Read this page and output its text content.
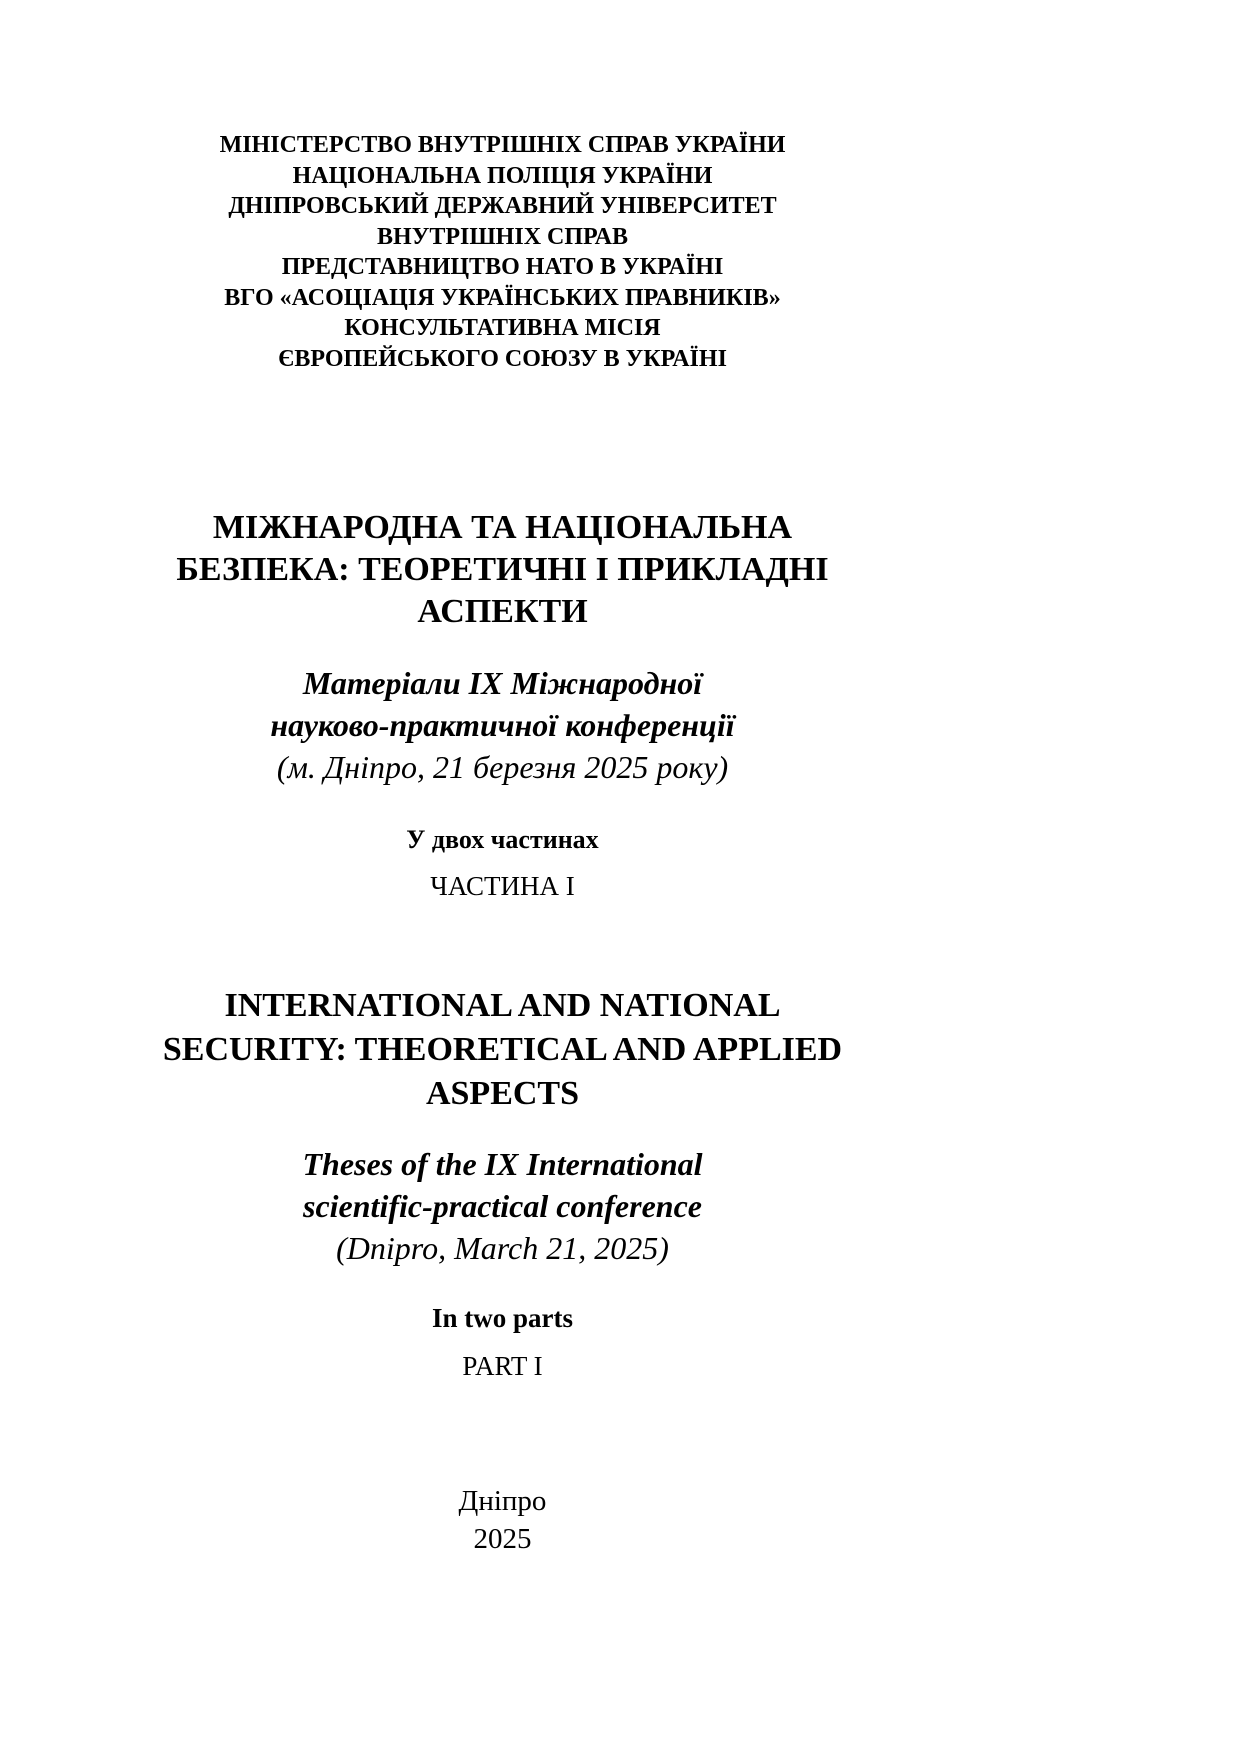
МІНІСТЕРСТВО ВНУТРІШНІХ СПРАВ УКРАЇНИ
НАЦІОНАЛЬНА ПОЛІЦІЯ УКРАЇНИ
ДНІПРОВСЬКИЙ ДЕРЖАВНИЙ УНІВЕРСИТЕТ
ВНУТРІШНІХ СПРАВ
ПРЕДСТАВНИЦТВО НАТО В УКРАЇНІ
ВГО «АСОЦІАЦІЯ УКРАЇНСЬКИХ ПРАВНИКІВ»
КОНСУЛЬТАТИВНА МІСІЯ
ЄВРОПЕЙСЬКОГО СОЮЗУ В УКРАЇНІ
МІЖНАРОДНА ТА НАЦІОНАЛЬНА
БЕЗПЕКА: ТЕОРЕТИЧНІ І ПРИКЛАДНІ
АСПЕКТИ
Матеріали IX Міжнародної
науково-практичної конференції
(м. Дніпро, 21 березня 2025 року)
У двох частинах
ЧАСТИНА І
INTERNATIONAL AND NATIONAL
SECURITY: THEORETICAL AND APPLIED
ASPECTS
Theses of the IX International
scientific-practical conference
(Dnipro, March 21, 2025)
In two parts
PART I
Дніпро
2025
